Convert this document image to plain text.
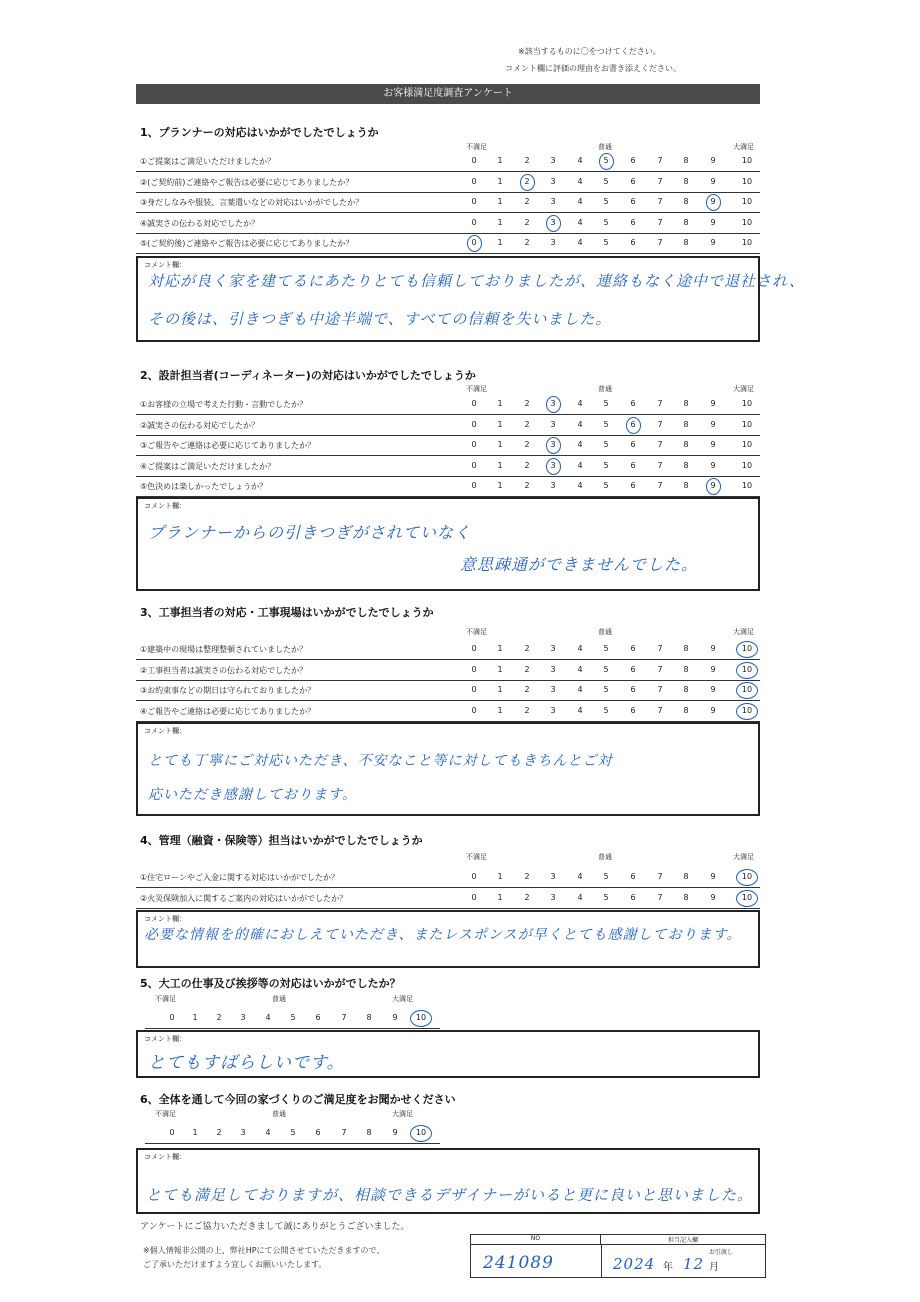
※該当するものに〇をつけてください。
コメント欄に評価の理由をお書き添えください。
お客様満足度調査アンケート
1、プランナーの対応はいかがでしたでしょうか
不満足	普通	大満足
①ご提案はご満足いただけましたか？	0	1	2	3	4	5	6	7	8	9	10
②(ご契約前)ご連絡やご報告は必要に応じてありましたか？	0	1	2	3	4	5	6	7	8	9	10
③身だしなみや服装、言葉遣いなどの対応はいかがでしたか？	0	1	2	3	4	5	6	7	8	9	10
④誠実さの伝わる対応でしたか？	0	1	2	3	4	5	6	7	8	9	10
⑤(ご契約後)ご連絡やご報告は必要に応じてありましたか？	0	1	2	3	4	5	6	7	8	9	10
コメント欄：
対応が良く家を建てるにあたりとても信頼しておりましたが、連絡もなく途中で退社され、
その後は、引きつぎも中途半端で、すべての信頼を失いました。
2、設計担当者(コーディネーター)の対応はいかがでしたでしょうか
不満足	普通	大満足
①お客様の立場で考えた行動・言動でしたか？	0	1	2	3	4	5	6	7	8	9	10
②誠実さの伝わる対応でしたか？	0	1	2	3	4	5	6	7	8	9	10
③ご報告やご連絡は必要に応じてありましたか？	0	1	2	3	4	5	6	7	8	9	10
④ご提案はご満足いただけましたか？	0	1	2	3	4	5	6	7	8	9	10
⑤色決めは楽しかったでしょうか？	0	1	2	3	4	5	6	7	8	9	10
コメント欄：
プランナーからの引きつぎがされていなく
意思疎通ができませんでした。
3、工事担当者の対応・工事現場はいかがでしたでしょうか
不満足	普通	大満足
①建築中の現場は整理整頓されていましたか？	0	1	2	3	4	5	6	7	8	9	10
②工事担当者は誠実さの伝わる対応でしたか？	0	1	2	3	4	5	6	7	8	9	10
③お約束事などの期日は守られておりましたか？	0	1	2	3	4	5	6	7	8	9	10
④ご報告やご連絡は必要に応じてありましたか？	0	1	2	3	4	5	6	7	8	9	10
コメント欄：
とても丁寧にご対応いただき、不安なこと等に対してもきちんとご対応いただき感謝しております。
4、管理（融資・保険等）担当はいかがでしたでしょうか
不満足	普通	大満足
①住宅ローンやご入金に関する対応はいかがでしたか？	0	1	2	3	4	5	6	7	8	9	10
②火災保険加入に関するご案内の対応はいかがでしたか？	0	1	2	3	4	5	6	7	8	9	10
コメント欄：
必要な情報を的確におしえていただき、またレスポンスが早くとても感謝しております。
5、大工の仕事及び挨拶等の対応はいかがでしたか？
不満足	普通	大満足
0	1	2	3	4	5	6	7	8	9	10
コメント欄：
とてもすばらしいです。
6、全体を通して今回の家づくりのご満足度をお聞かせください
不満足	普通	大満足
0	1	2	3	4	5	6	7	8	9	10
コメント欄：
とても満足しておりますが、相談できるデザイナーがいると更に良いと思いました。
アンケートにご協力いただきまして誠にありがとうございました。
※個人情報非公開の上、弊社HPにて公開させていただきますので、
ご了承いただけますよう宜しくお願いいたします。
NO	担当記入欄
お引渡し
241089	2024 年 12 月
